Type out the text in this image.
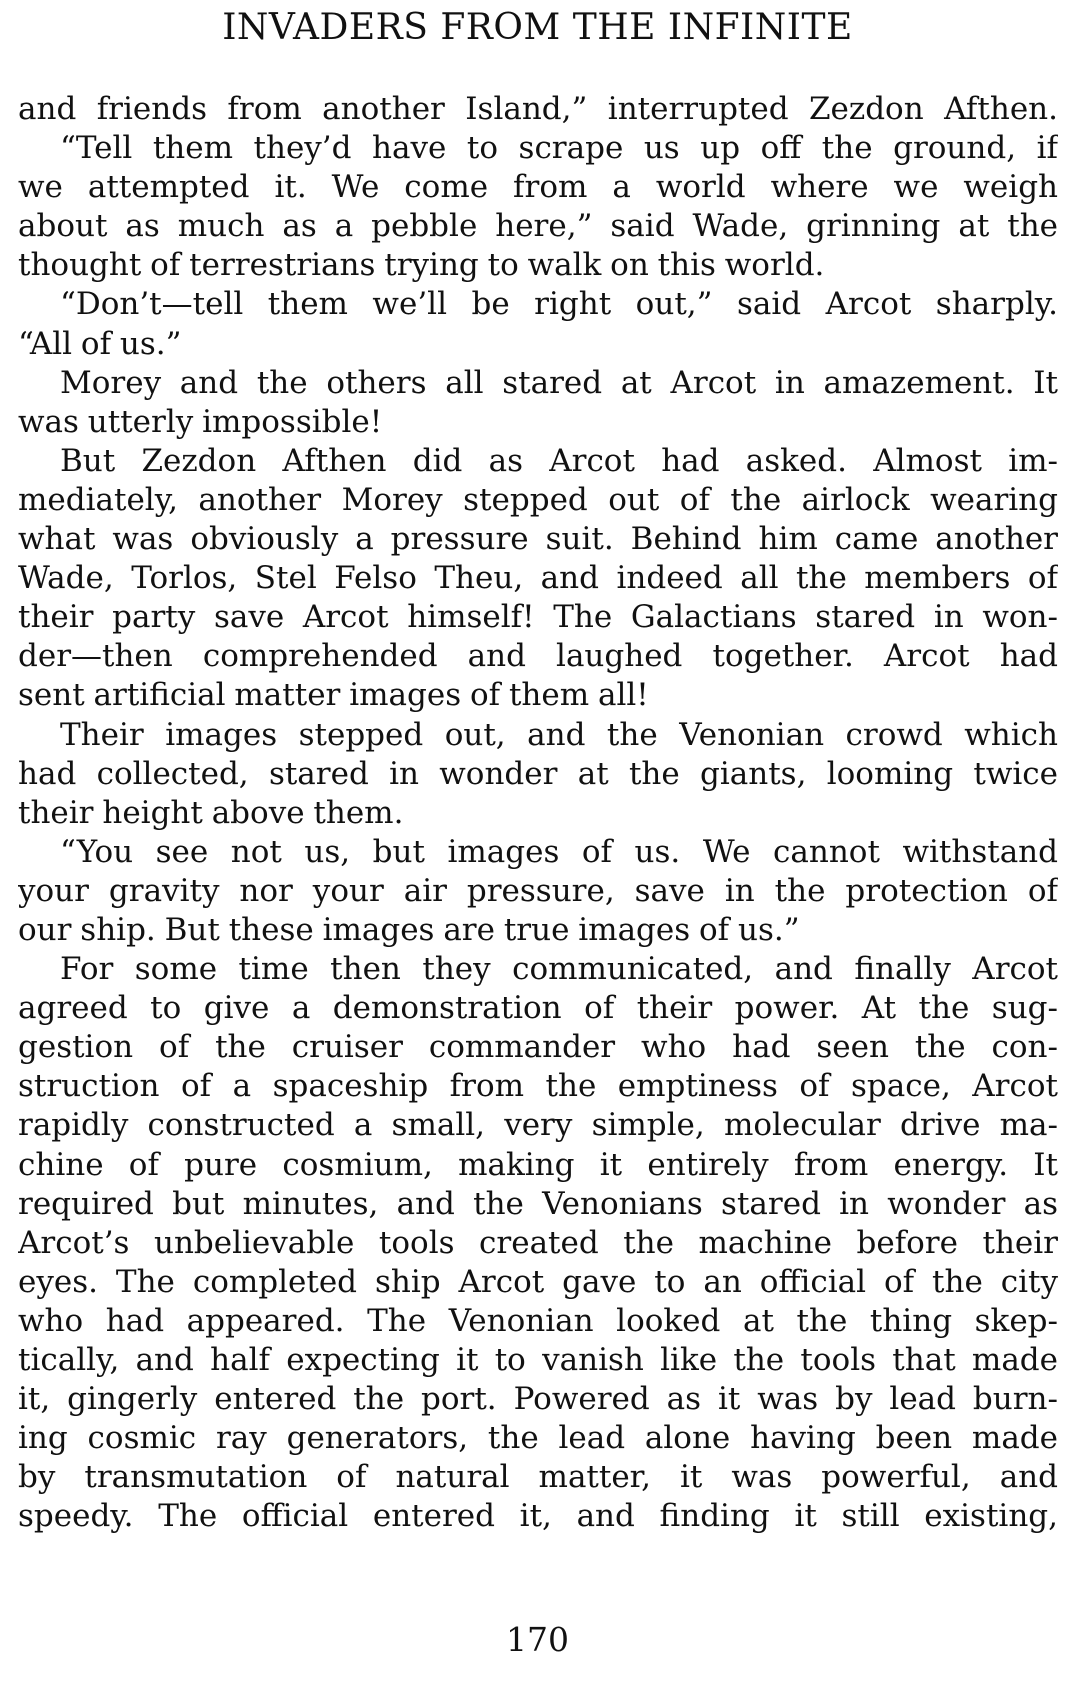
INVADERS FROM THE INFINITE
and friends from another Island,” interrupted Zezdon Afthen.
“Tell them they’d have to scrape us up off the ground, if
we attempted it. We come from a world where we weigh
about as much as a pebble here,” said Wade, grinning at the
thought of terrestrians trying to walk on this world.
“Don’t—tell them we’ll be right out,” said Arcot sharply.
“All of us.”
Morey and the others all stared at Arcot in amazement. It
was utterly impossible!
But Zezdon Afthen did as Arcot had asked. Almost im-
mediately, another Morey stepped out of the airlock wearing
what was obviously a pressure suit. Behind him came another
Wade, Torlos, Stel Felso Theu, and indeed all the members of
their party save Arcot himself! The Galactians stared in won-
der—then comprehended and laughed together. Arcot had
sent artificial matter images of them all!
Their images stepped out, and the Venonian crowd which
had collected, stared in wonder at the giants, looming twice
their height above them.
“You see not us, but images of us. We cannot withstand
your gravity nor your air pressure, save in the protection of
our ship. But these images are true images of us.”
For some time then they communicated, and finally Arcot
agreed to give a demonstration of their power. At the sug-
gestion of the cruiser commander who had seen the con-
struction of a spaceship from the emptiness of space, Arcot
rapidly constructed a small, very simple, molecular drive ma-
chine of pure cosmium, making it entirely from energy. It
required but minutes, and the Venonians stared in wonder as
Arcot’s unbelievable tools created the machine before their
eyes. The completed ship Arcot gave to an official of the city
who had appeared. The Venonian looked at the thing skep-
tically, and half expecting it to vanish like the tools that made
it, gingerly entered the port. Powered as it was by lead burn-
ing cosmic ray generators, the lead alone having been made
by transmutation of natural matter, it was powerful, and
speedy. The official entered it, and finding it still existing,
170
